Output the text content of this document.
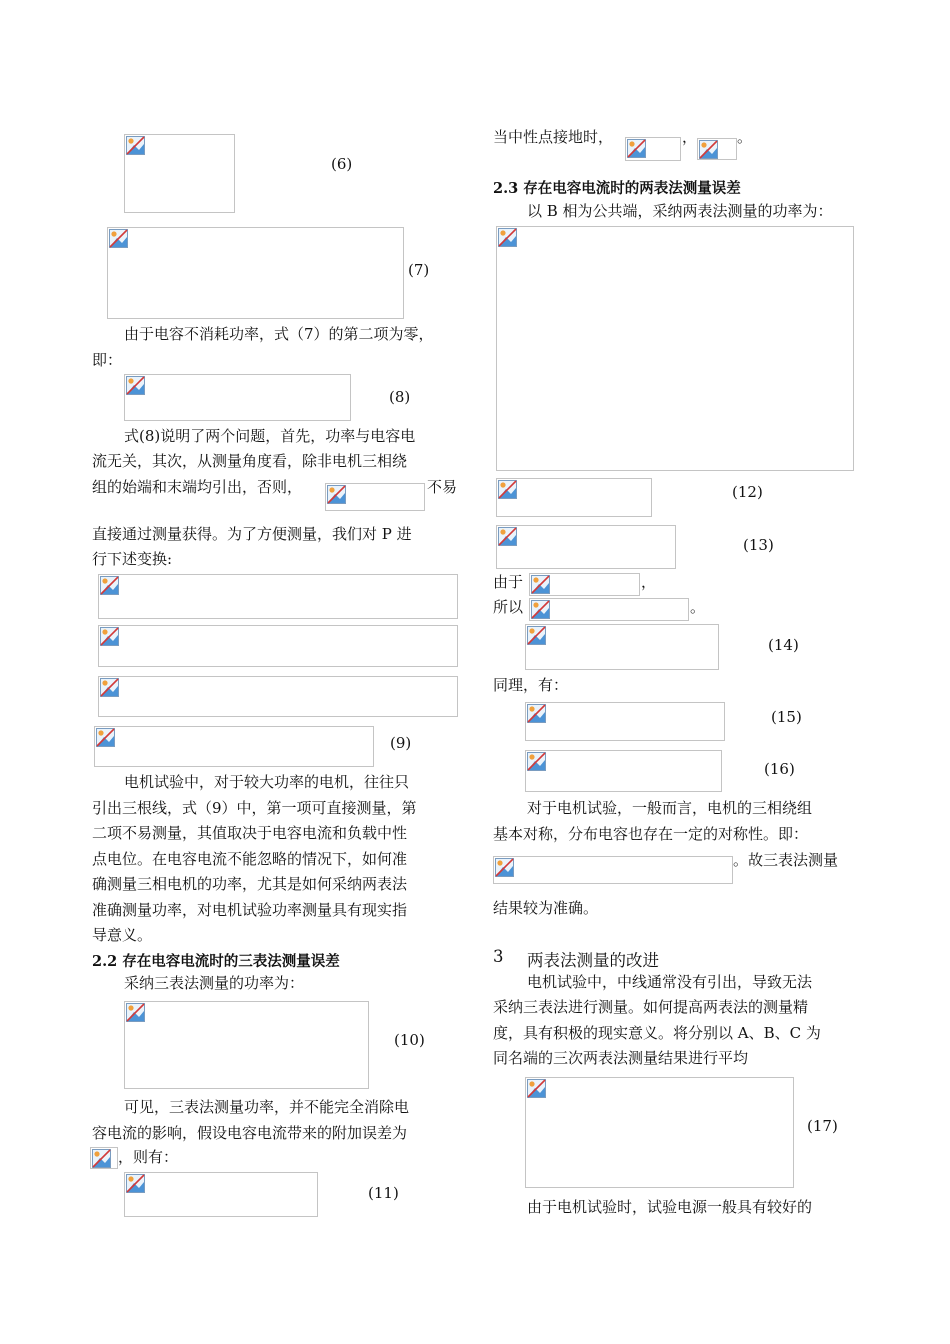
(6)
(7)
由于电容不消耗功率，式（7）的第二项为零，
即：
(8)
式(8)说明了两个问题，首先，功率与电容电
流无关，其次，从测量角度看，除非电机三相绕
组的始端和末端均引出，否则，	不易
直接通过测量获得。为了方便测量，我们对 P 进
行下述变换:
(9)
电机试验中，对于较大功率的电机，往往只
引出三根线，式（9）中，第一项可直接测量，第
二项不易测量，其值取决于电容电流和负载中性
点电位。在电容电流不能忽略的情况下，如何准
确测量三相电机的功率，尤其是如何采纳两表法
准确测量功率，对电机试验功率测量具有现实指
导意义。
2.2 存在电容电流时的三表法测量误差
采纳三表法测量的功率为：
(10)
可见，三表法测量功率，并不能完全消除电
容电流的影响，假设电容电流带来的附加误差为
，则有：
(11)
当中性点接地时，	，	。
2.3 存在电容电流时的两表法测量误差
以 B 相为公共端，采纳两表法测量的功率为：
(12)
(13)
由于	，
所以	。
(14)
同理，有：
(15)
(16)
对于电机试验，一般而言，电机的三相绕组
基本对称，分布电容也存在一定的对称性。即：
。故三表法测量
结果较为准确。
3 两表法测量的改进
电机试验中，中线通常没有引出，导致无法
采纳三表法进行测量。如何提高两表法的测量精
度，具有积极的现实意义。将分别以 A、B、C 为
同名端的三次两表法测量结果进行平均
(17)
由于电机试验时，试验电源一般具有较好的
